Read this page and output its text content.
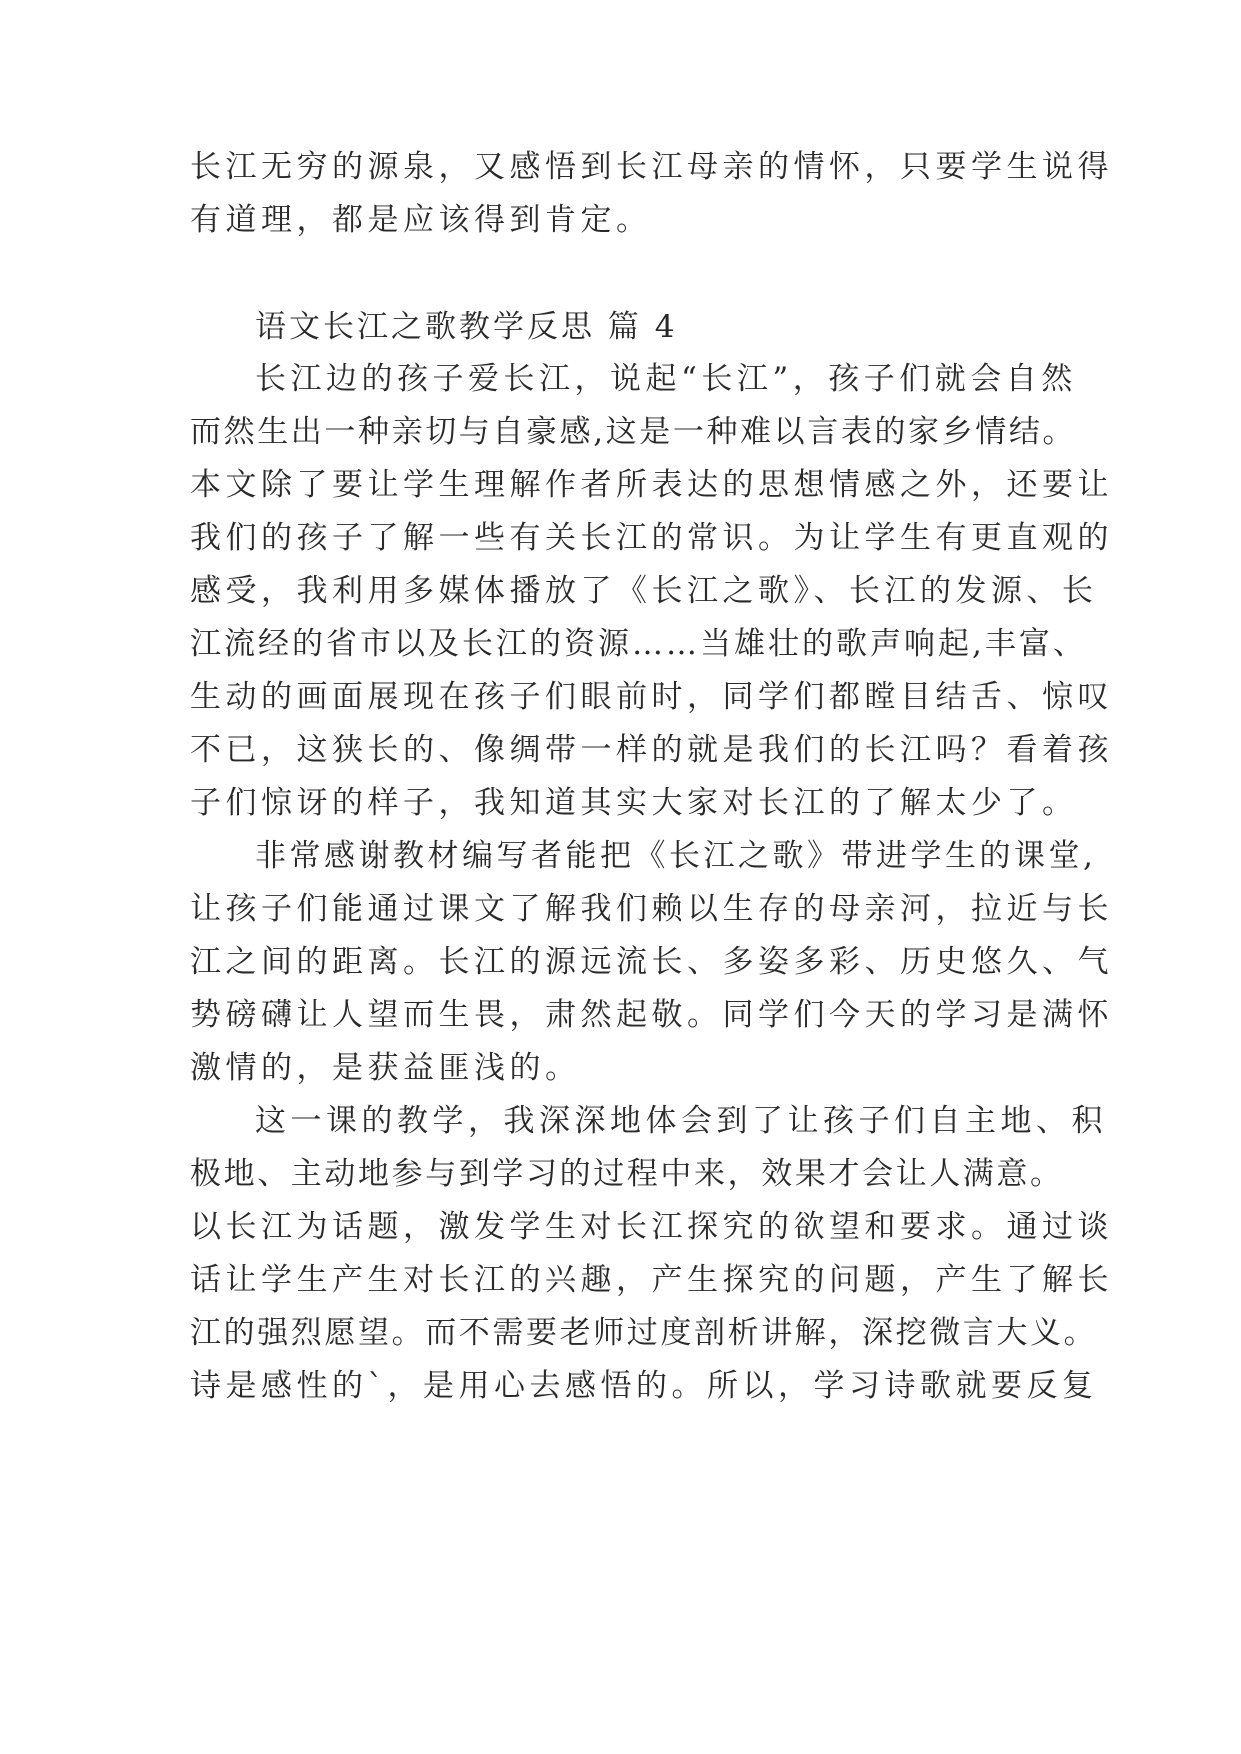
长江无穷的源泉，又感悟到长江母亲的情怀，只要学生说得

有道理，都是应该得到肯定。

语文长江之歌教学反思 篇 4

长江边的孩子爱长江，说起“长江”，孩子们就会自然

而然生出一种亲切与自豪感,这是一种难以言表的家乡情结。

本文除了要让学生理解作者所表达的思想情感之外，还要让

我们的孩子了解一些有关长江的常识。为让学生有更直观的

感受，我利用多媒体播放了《长江之歌》、长江的发源、长

江流经的省市以及长江的资源……当雄壮的歌声响起,丰富、

生动的画面展现在孩子们眼前时，同学们都瞠目结舌、惊叹

不已，这狭长的、像绸带一样的就是我们的长江吗？看着孩

子们惊讶的样子，我知道其实大家对长江的了解太少了。

非常感谢教材编写者能把《长江之歌》带进学生的课堂,

让孩子们能通过课文了解我们赖以生存的母亲河，拉近与长

江之间的距离。长江的源远流长、多姿多彩、历史悠久、气

势磅礴让人望而生畏，肃然起敬。同学们今天的学习是满怀

激情的，是获益匪浅的。

这一课的教学，我深深地体会到了让孩子们自主地、积

极地、主动地参与到学习的过程中来，效果才会让人满意。

以长江为话题，激发学生对长江探究的欲望和要求。通过谈

话让学生产生对长江的兴趣，产生探究的问题，产生了解长

江的强烈愿望。而不需要老师过度剖析讲解，深挖微言大义。

诗是感性的`，是用心去感悟的。所以，学习诗歌就要反复
